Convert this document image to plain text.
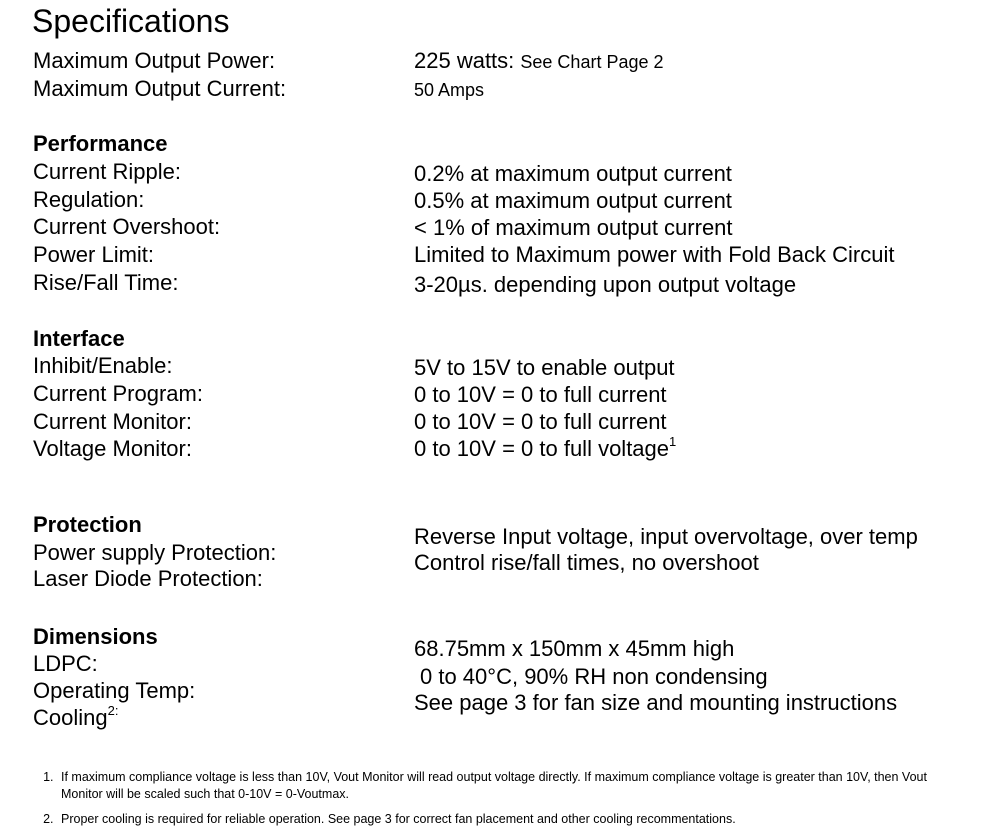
Specifications
Maximum Output Power:	225 watts: See Chart Page 2
Maximum Output Current:	50 Amps
Performance
Current Ripple:	0.2% at maximum output current
Regulation:	0.5% at maximum output current
Current Overshoot:	< 1% of maximum output current
Power Limit:	Limited to Maximum power with Fold Back Circuit
Rise/Fall Time:	3-20µs. depending upon output voltage
Interface
Inhibit/Enable:	5V to 15V to enable output
Current Program:	0 to 10V = 0 to full current
Current Monitor:	0 to 10V = 0 to full current
Voltage Monitor:	0 to 10V = 0 to full voltage$^1$
Protection
Power supply Protection:
Reverse Input voltage, input overvoltage, over temp
Laser Diode Protection:
Control rise/fall times, no overshoot
Dimensions
LDPC:
68.75mm x 150mm x 45mm high
Operating Temp:
0 to 40°C, 90% RH non condensing
Cooling$^{2:}$	See page 3 for fan size and mounting instructions
1. If maximum compliance voltage is less than 10V, Vout Monitor will read output voltage directly. If maximum compliance voltage is greater than 10V, then Vout Monitor will be scaled such that 0-10V = 0-Voutmax.
2. Proper cooling is required for reliable operation. See page 3 for correct fan placement and other cooling recommentations.
